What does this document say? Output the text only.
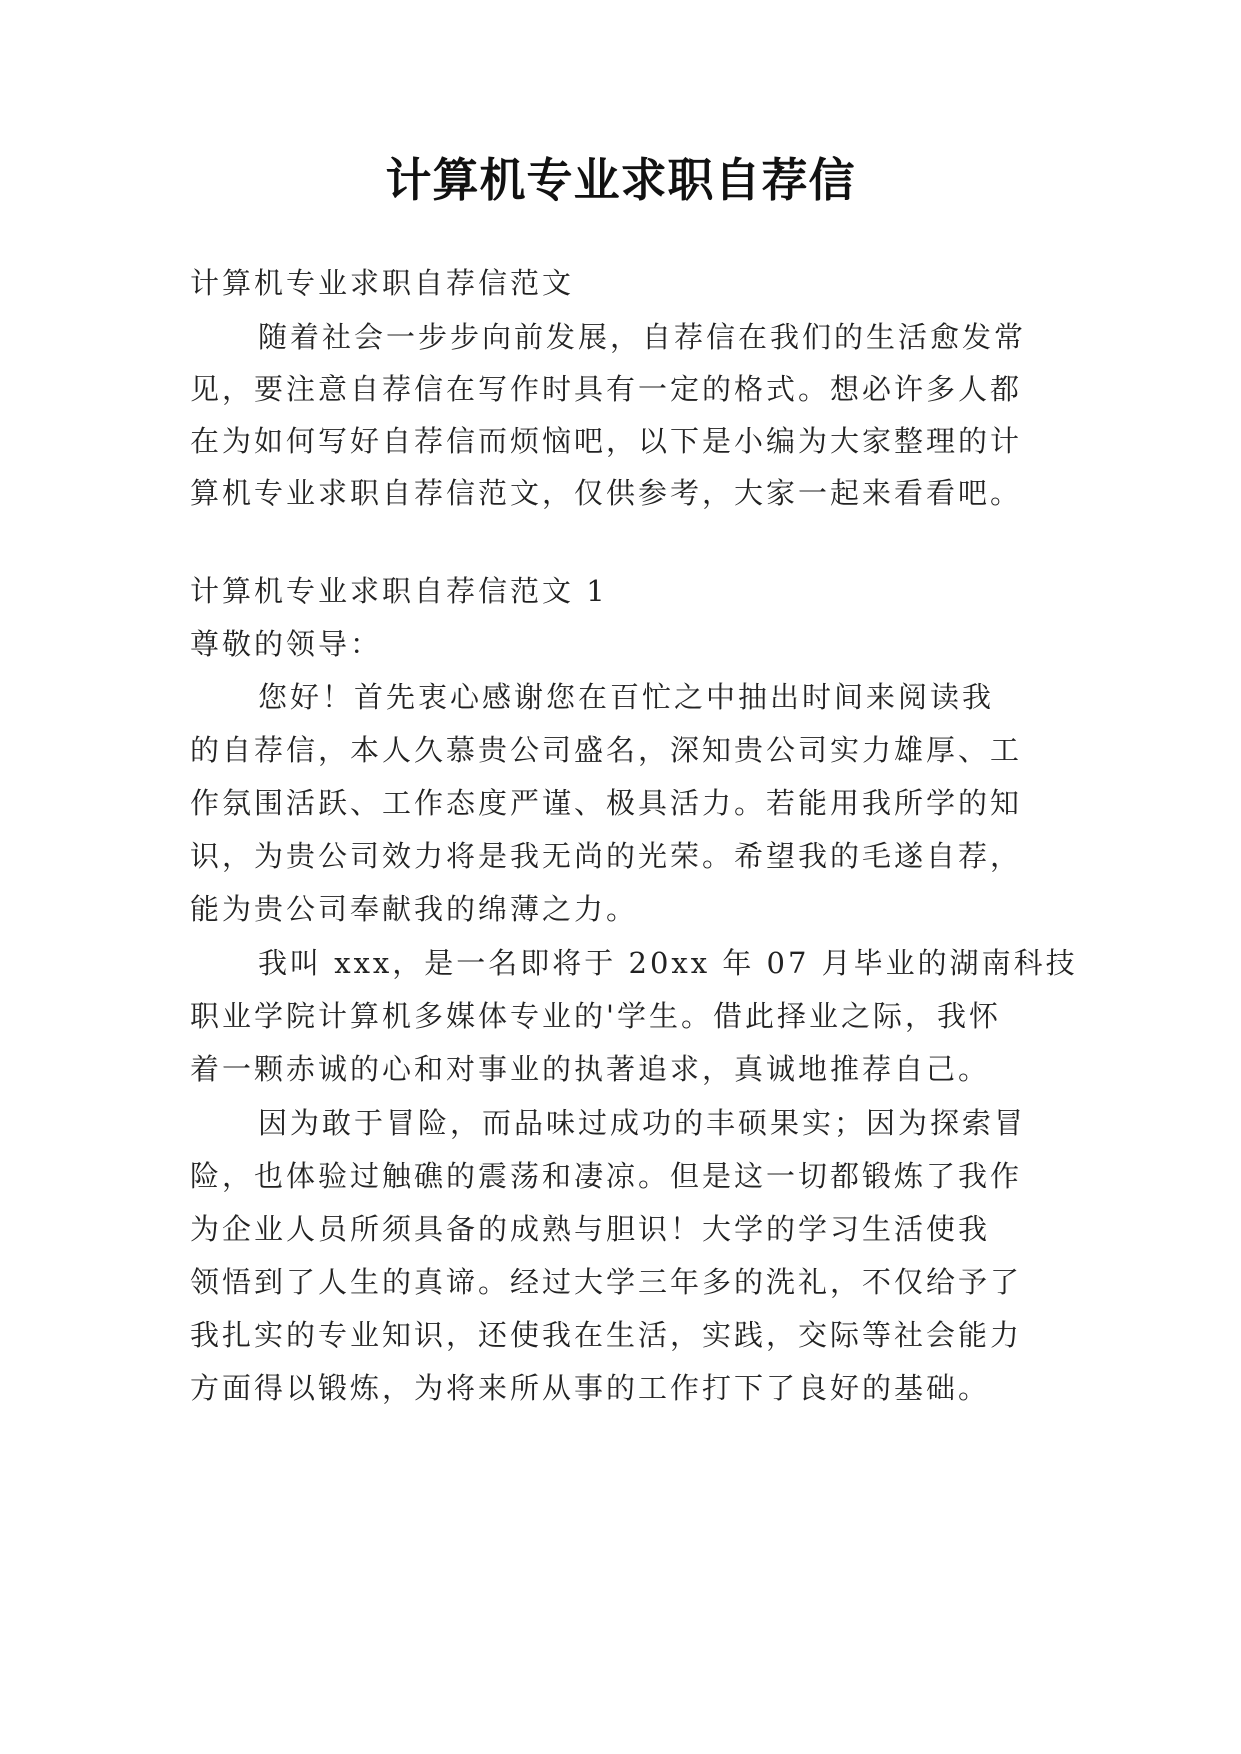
计算机专业求职自荐信

计算机专业求职自荐信范文

随着社会一步步向前发展，自荐信在我们的生活愈发常

见，要注意自荐信在写作时具有一定的格式。想必许多人都

在为如何写好自荐信而烦恼吧，以下是小编为大家整理的计

算机专业求职自荐信范文，仅供参考，大家一起来看看吧。

计算机专业求职自荐信范文 1

尊敬的领导：

您好！首先衷心感谢您在百忙之中抽出时间来阅读我

的自荐信，本人久慕贵公司盛名，深知贵公司实力雄厚、工

作氛围活跃、工作态度严谨、极具活力。若能用我所学的知

识，为贵公司效力将是我无尚的光荣。希望我的毛遂自荐，

能为贵公司奉献我的绵薄之力。

我叫 xxx，是一名即将于 20xx 年 07 月毕业的湖南科技

职业学院计算机多媒体专业的'学生。借此择业之际，我怀

着一颗赤诚的心和对事业的执著追求，真诚地推荐自己。

因为敢于冒险，而品味过成功的丰硕果实；因为探索冒

险，也体验过触礁的震荡和凄凉。但是这一切都锻炼了我作

为企业人员所须具备的成熟与胆识！大学的学习生活使我

领悟到了人生的真谛。经过大学三年多的洗礼，不仅给予了

我扎实的专业知识，还使我在生活，实践，交际等社会能力

方面得以锻炼，为将来所从事的工作打下了良好的基础。
